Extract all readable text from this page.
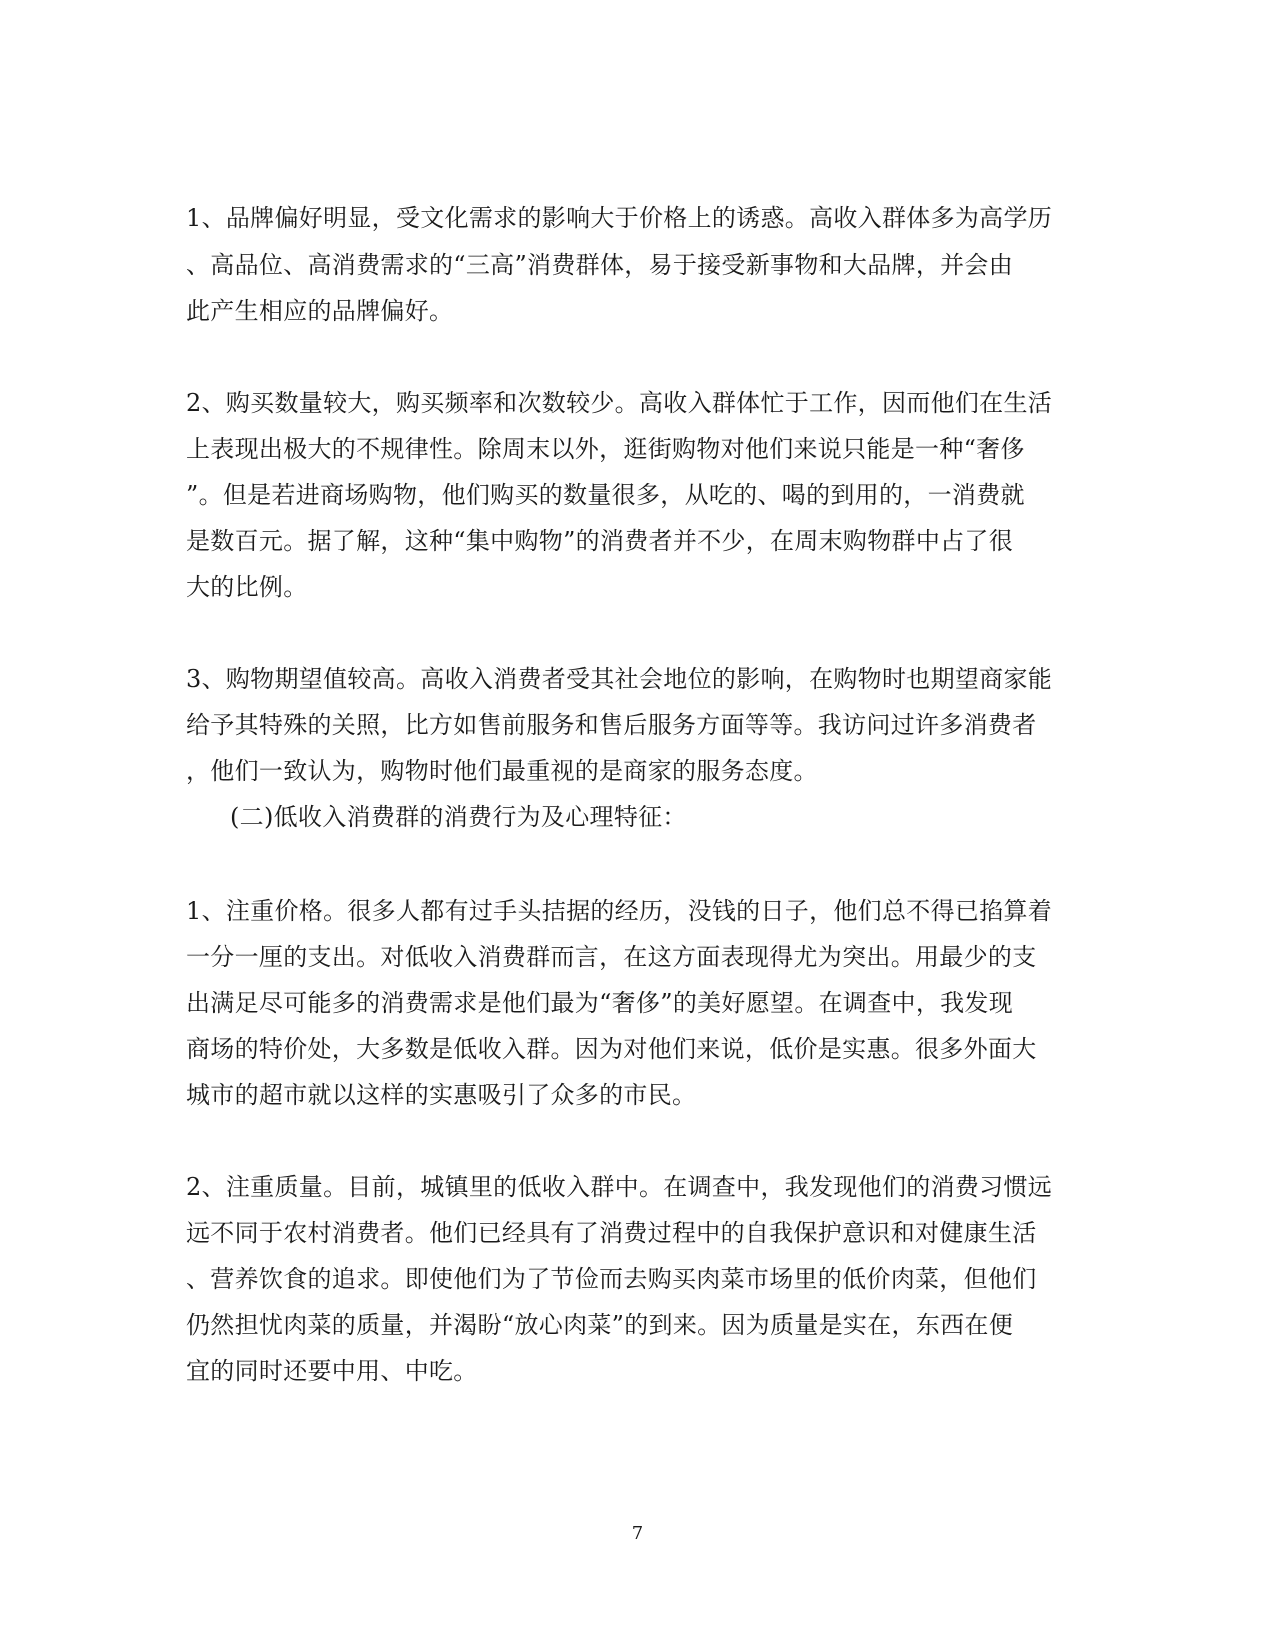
1、品牌偏好明显，受文化需求的影响大于价格上的诱惑。高收入群体多为高学历
、高品位、高消费需求的“三高”消费群体，易于接受新事物和大品牌，并会由
此产生相应的品牌偏好。
2、购买数量较大，购买频率和次数较少。高收入群体忙于工作，因而他们在生活
上表现出极大的不规律性。除周末以外，逛街购物对他们来说只能是一种“奢侈
”。但是若进商场购物，他们购买的数量很多，从吃的、喝的到用的，一消费就
是数百元。据了解，这种“集中购物”的消费者并不少，在周末购物群中占了很
大的比例。
3、购物期望值较高。高收入消费者受其社会地位的影响，在购物时也期望商家能
给予其特殊的关照，比方如售前服务和售后服务方面等等。我访问过许多消费者
，他们一致认为，购物时他们最重视的是商家的服务态度。
(二)低收入消费群的消费行为及心理特征：
1、注重价格。很多人都有过手头拮据的经历，没钱的日子，他们总不得已掐算着
一分一厘的支出。对低收入消费群而言，在这方面表现得尤为突出。用最少的支
出满足尽可能多的消费需求是他们最为“奢侈”的美好愿望。在调查中，我发现
商场的特价处，大多数是低收入群。因为对他们来说，低价是实惠。很多外面大
城市的超市就以这样的实惠吸引了众多的市民。
2、注重质量。目前，城镇里的低收入群中。在调查中，我发现他们的消费习惯远
远不同于农村消费者。他们已经具有了消费过程中的自我保护意识和对健康生活
、营养饮食的追求。即使他们为了节俭而去购买肉菜市场里的低价肉菜，但他们
仍然担忧肉菜的质量，并渴盼“放心肉菜”的到来。因为质量是实在，东西在便
宜的同时还要中用、中吃。
7
